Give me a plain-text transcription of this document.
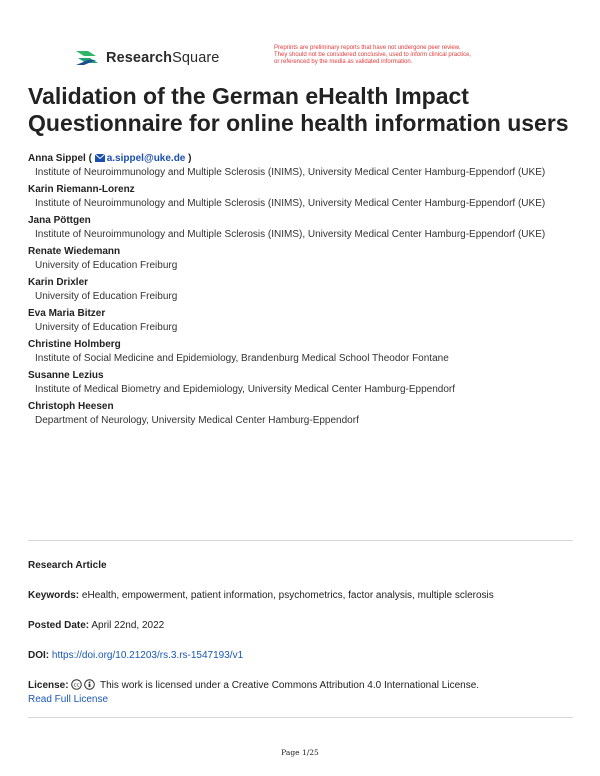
ResearchSquare
Preprints are preliminary reports that have not undergone peer review.
They should not be considered conclusive, used to inform clinical practice,
or referenced by the media as validated information.
Validation of the German eHealth Impact Questionnaire for online health information users
Anna Sippel ( a.sippel@uke.de )
Institute of Neuroimmunology and Multiple Sclerosis (INIMS), University Medical Center Hamburg-Eppendorf (UKE)
Karin Riemann-Lorenz
Institute of Neuroimmunology and Multiple Sclerosis (INIMS), University Medical Center Hamburg-Eppendorf (UKE)
Jana Pöttgen
Institute of Neuroimmunology and Multiple Sclerosis (INIMS), University Medical Center Hamburg-Eppendorf (UKE)
Renate Wiedemann
University of Education Freiburg
Karin Drixler
University of Education Freiburg
Eva Maria Bitzer
University of Education Freiburg
Christine Holmberg
Institute of Social Medicine and Epidemiology, Brandenburg Medical School Theodor Fontane
Susanne Lezius
Institute of Medical Biometry and Epidemiology, University Medical Center Hamburg-Eppendorf
Christoph Heesen
Department of Neurology, University Medical Center Hamburg-Eppendorf
Research Article
Keywords: eHealth, empowerment, patient information, psychometrics, factor analysis, multiple sclerosis
Posted Date: April 22nd, 2022
DOI: https://doi.org/10.21203/rs.3.rs-1547193/v1
License: cc This work is licensed under a Creative Commons Attribution 4.0 International License.
Read Full License
Page 1/25
